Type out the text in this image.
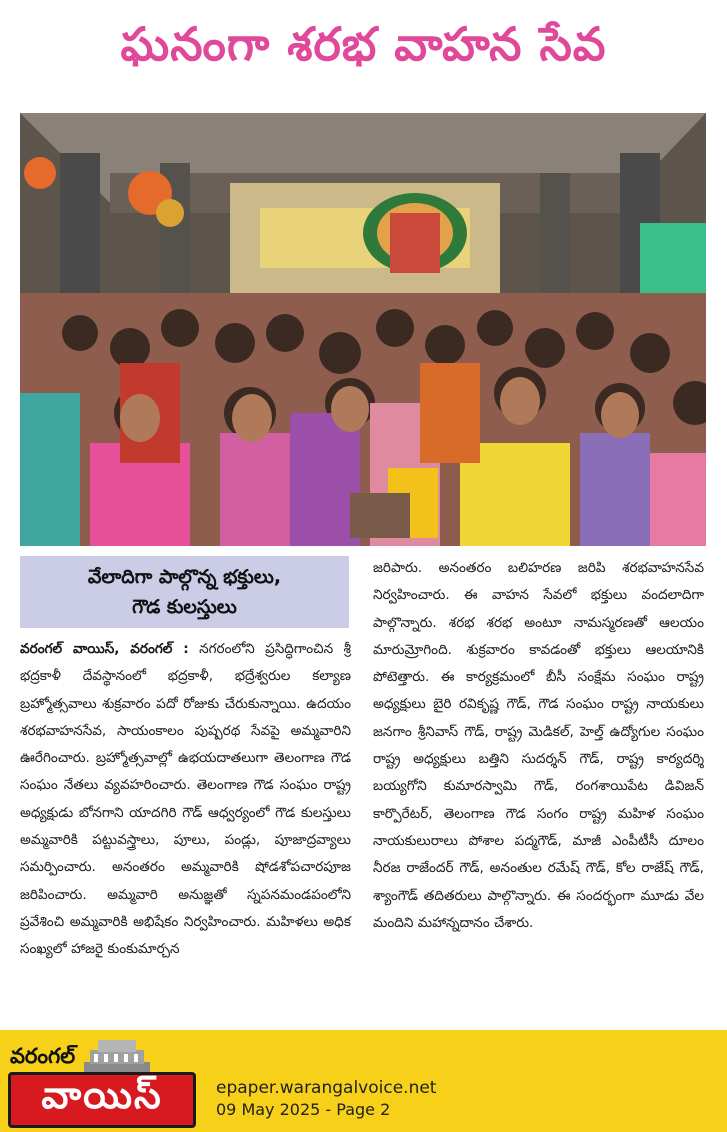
ఘనంగా శరభ వాహన సేవ
వేలాదిగా పాల్గొన్న భక్తులు,
గౌడ కులస్తులు
వరంగల్ వాయిస్, వరంగల్ : నగరంలోని ప్రసిద్ధిగాంచిన శ్రీ భద్రకాళీ దేవస్థానంలో భద్రకాళీ, భద్రేశ్వరుల కల్యాణ బ్రహ్మోత్సవాలు శుక్రవారం పదో రోజుకు చేరుకున్నాయి. ఉదయం శరభవాహనసేవ, సాయంకాలం పుష్పరథ సేవపై అమ్మవారిని ఊరేగించారు. బ్రహ్మోత్సవాల్లో ఉభయదాతలుగా తెలంగాణ గౌడ సంఘం నేతలు వ్యవహరించారు. తెలంగాణ గౌడ సంఘం రాష్ట్ర అధ్యక్షుడు బోనగాని యాదగిరి గౌడ్ ఆధ్వర్యంలో గౌడ కులస్తులు అమ్మవారికి పట్టువస్త్రాలు, పూలు, పండ్లు, పూజాద్రవ్యాలు సమర్పించారు. అనంతరం అమ్మవారికి షోడశోపచారపూజ జరిపించారు. అమ్మవారి అనుజ్ఞతో స్నపనమండపంలోని ప్రవేశించి అమ్మవారికి అభిషేకం నిర్వహించారు. మహిళలు అధిక సంఖ్యలో హాజరై కుంకుమార్చన
జరిపారు. అనంతరం బలిహరణ జరిపి శరభవాహనసేవ నిర్వహించారు. ఈ వాహన సేవలో భక్తులు వందలాదిగా పాల్గొన్నారు. శరభ శరభ అంటూ నామస్మరణతో ఆలయం మారుమ్రోగింది. శుక్రవారం కావడంతో భక్తులు ఆలయానికి పోటెత్తారు. ఈ కార్యక్రమంలో బీసీ సంక్షేమ సంఘం రాష్ట్ర అధ్యక్షులు బైరి రవికృష్ణ గౌడ్, గౌడ సంఘం రాష్ట్ర నాయకులు జనగాం శ్రీనివాస్ గౌడ్, రాష్ట్ర మెడికల్, హెల్త్ ఉద్యోగుల సంఘం రాష్ట్ర అధ్యక్షులు బత్తిని సుదర్శన్ గౌడ్, రాష్ట్ర కార్యదర్శి బయ్యగోని కుమారస్వామి గౌడ్, రంగశాయిపేట డివిజన్ కార్పొరేటర్, తెలంగాణ గౌడ సంగం రాష్ట్ర మహిళ సంఘం నాయకులురాలు పోశాల పద్మగౌడ్, మాజీ ఎంపీటీసీ దూలం నీరజ రాజేందర్ గౌడ్, అనంతుల రమేష్ గౌడ్, కోల రాజేష్ గౌడ్, శ్యాంగౌడ్ తదితరులు పాల్గొన్నారు. ఈ సందర్భంగా మూడు వేల మందిని మహాన్నదానం చేశారు.
వరంగల్
వాయిస్	epaper.warangalvoice.net
09 May 2025 - Page 2
